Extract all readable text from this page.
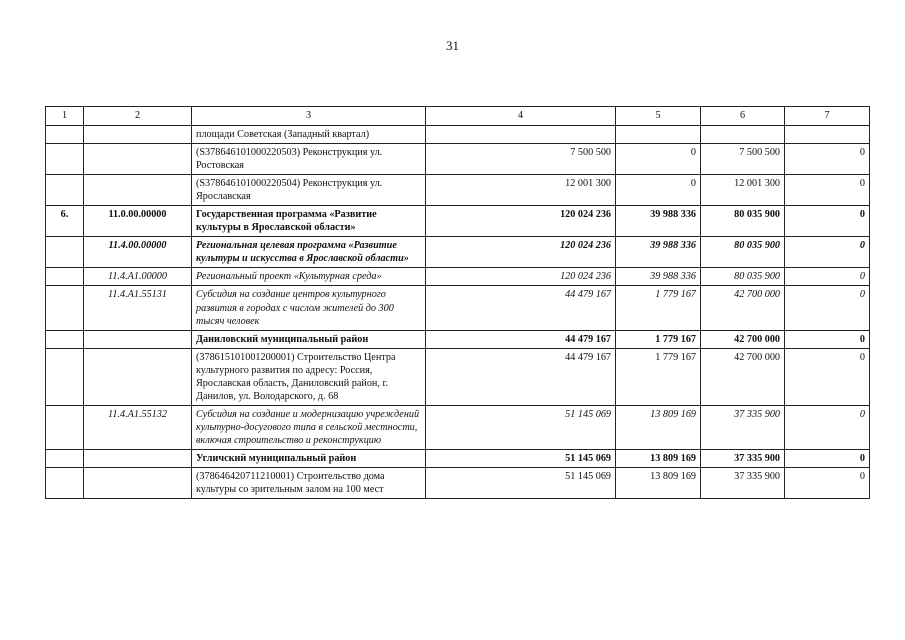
31
1	2	3	4	5	6	7
		площади Советская (Западный квартал)				
		(S378646101000220503) Реконструкция ул. Ростовская	7 500 500	0	7 500 500	0
		(S378646101000220504) Реконструкция ул. Ярославская	12 001 300	0	12 001 300	0
6.	11.0.00.00000	Государственная программа «Развитие культуры в Ярославской области»	120 024 236	39 988 336	80 035 900	0
	11.4.00.00000	Региональная целевая программа «Развитие культуры и искусства в Ярославской области»	120 024 236	39 988 336	80 035 900	0
	11.4.А1.00000	Региональный проект «Культурная среда»	120 024 236	39 988 336	80 035 900	0
	11.4.А1.55131	Субсидия на создание центров культурного развития в городах с числом жителей до 300 тысяч человек	44 479 167	1 779 167	42 700 000	0
		Даниловский муниципальный район	44 479 167	1 779 167	42 700 000	0
		(378615101001200001) Строительство Центра культурного развития по адресу: Россия, Ярославская область, Даниловский район, г. Данилов, ул. Володарского, д. 68	44 479 167	1 779 167	42 700 000	0
	11.4.А1.55132	Субсидия на создание и модернизацию учреждений культурно-досугового типа в сельской местности, включая строительство и реконструкцию	51 145 069	13 809 169	37 335 900	0
		Угличский муниципальный район	51 145 069	13 809 169	37 335 900	0
		(378646420711210001) Строительство дома культуры со зрительным залом на 100 мест	51 145 069	13 809 169	37 335 900	0
